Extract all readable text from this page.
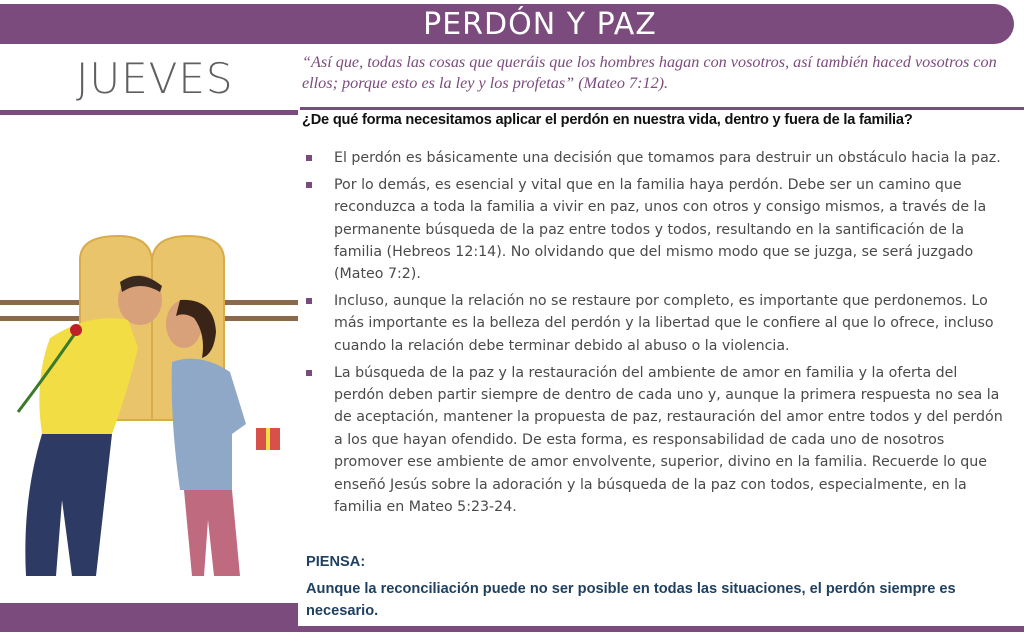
PERDÓN Y PAZ
JUEVES	“Así que, todas las cosas que queráis que los hombres hagan con vosotros, así también haced vosotros con ellos; porque esto es la ley y los profetas” (Mateo 7:12).
¿De qué forma necesitamos aplicar el perdón en nuestra vida, dentro y fuera de la familia?
El perdón es básicamente una decisión que tomamos para destruir un obstáculo hacia la paz.
Por lo demás, es esencial y vital que en la familia haya perdón. Debe ser un camino que reconduzca a toda la familia a vivir en paz, unos con otros y consigo mismos, a través de la permanente búsqueda de la paz entre todos y todos, resultando en la santificación de la familia (Hebreos 12:14). No olvidando que del mismo modo que se juzga, se será juzgado (Mateo 7:2).
Incluso, aunque la relación no se restaure por completo, es importante que perdonemos. Lo más importante es la belleza del perdón y la libertad que le confiere al que lo ofrece, incluso cuando la relación debe terminar debido al abuso o la violencia.
La búsqueda de la paz y la restauración del ambiente de amor en familia y la oferta del perdón deben partir siempre de dentro de cada uno y, aunque la primera respuesta no sea la de aceptación, mantener la propuesta de paz, restauración del amor entre todos y del perdón a los que hayan ofendido. De esta forma, es responsabilidad de cada uno de nosotros promover ese ambiente de amor envolvente, superior, divino en la familia. Recuerde lo que enseñó Jesús sobre la adoración y la búsqueda de la paz con todos, especialmente, en la familia en Mateo 5:23-24.
PIENSA:
Aunque la reconciliación puede no ser posible en todas las situaciones, el perdón siempre es necesario.
